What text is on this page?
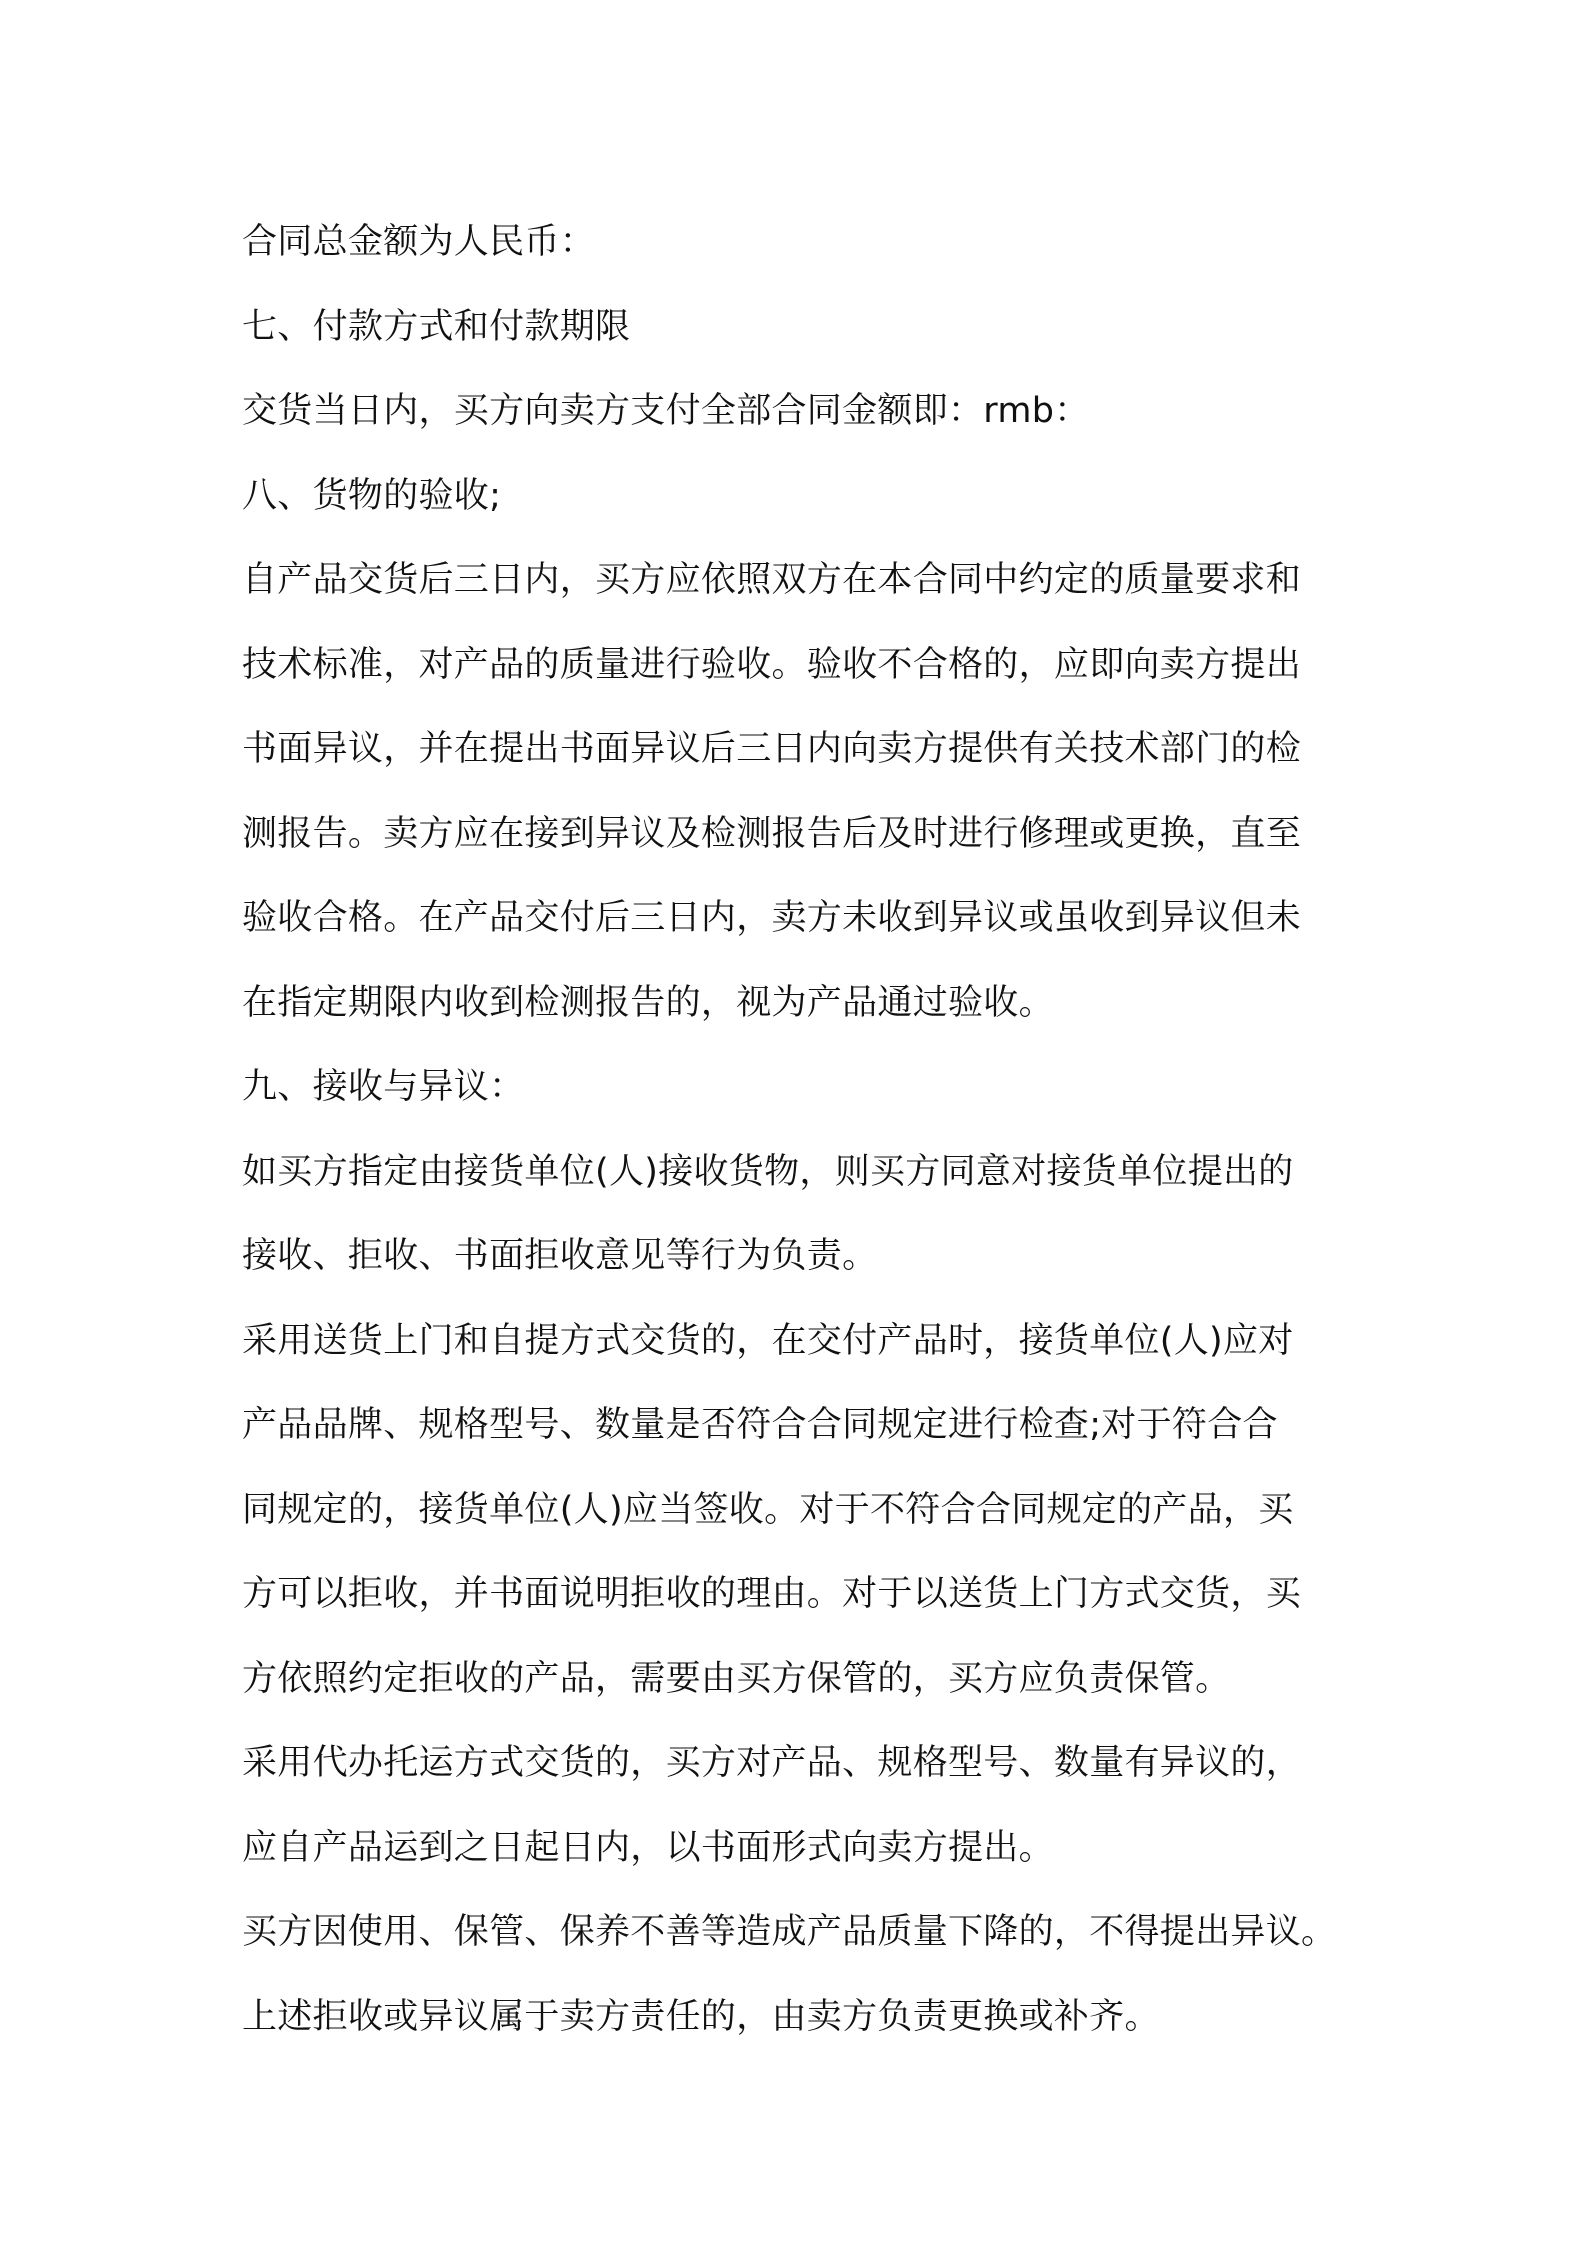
合同总金额为人民币：
七、付款方式和付款期限
交货当日内，买方向卖方支付全部合同金额即：rmb：
八、货物的验收;
自产品交货后三日内，买方应依照双方在本合同中约定的质量要求和
技术标准，对产品的质量进行验收。验收不合格的，应即向卖方提出
书面异议，并在提出书面异议后三日内向卖方提供有关技术部门的检
测报告。卖方应在接到异议及检测报告后及时进行修理或更换，直至
验收合格。在产品交付后三日内，卖方未收到异议或虽收到异议但未
在指定期限内收到检测报告的，视为产品通过验收。
九、接收与异议：
如买方指定由接货单位(人)接收货物，则买方同意对接货单位提出的
接收、拒收、书面拒收意见等行为负责。
采用送货上门和自提方式交货的，在交付产品时，接货单位(人)应对
产品品牌、规格型号、数量是否符合合同规定进行检查;对于符合合
同规定的，接货单位(人)应当签收。对于不符合合同规定的产品，买
方可以拒收，并书面说明拒收的理由。对于以送货上门方式交货，买
方依照约定拒收的产品，需要由买方保管的，买方应负责保管。
采用代办托运方式交货的，买方对产品、规格型号、数量有异议的，
应自产品运到之日起日内，以书面形式向卖方提出。
买方因使用、保管、保养不善等造成产品质量下降的，不得提出异议。
上述拒收或异议属于卖方责任的，由卖方负责更换或补齐。
